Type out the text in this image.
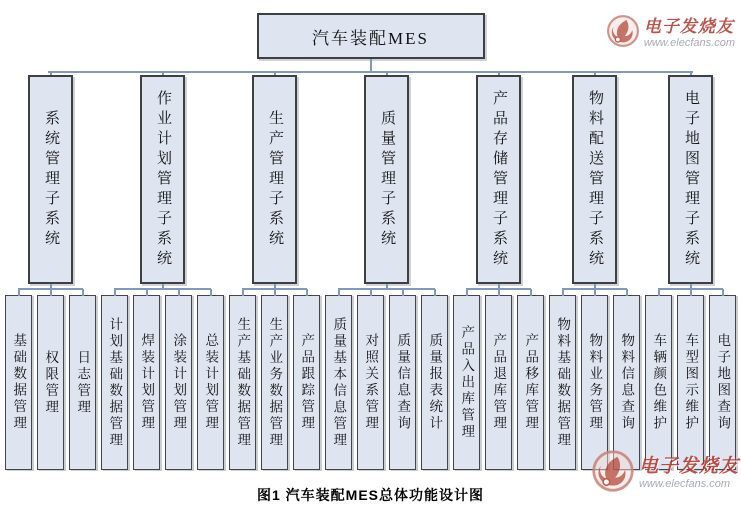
汽车装配MES
系统管理子系统
基础数据管理 权限管理 日志管理
作业计划管理子系统
计划基础数据管理 焊装计划管理 涂装计划管理 总装计划管理
生产管理子系统
生产基础数据管理 生产业务数据管理 产品跟踪管理
质量管理子系统
质量基本信息管理 对照关系管理 质量信息查询 质量报表统计
产品存储管理子系统
产品入出库管理 产品退库管理 产品移库管理
物料配送管理子系统
物料基础数据管理 物料业务管理 物料信息查询
电子地图管理子系统
车辆颜色维护 车型图示维护 电子地图查询
图1 汽车装配MES总体功能设计图
电子发烧友
www.elecfans.com
电子发烧友
www.elecfans.com
